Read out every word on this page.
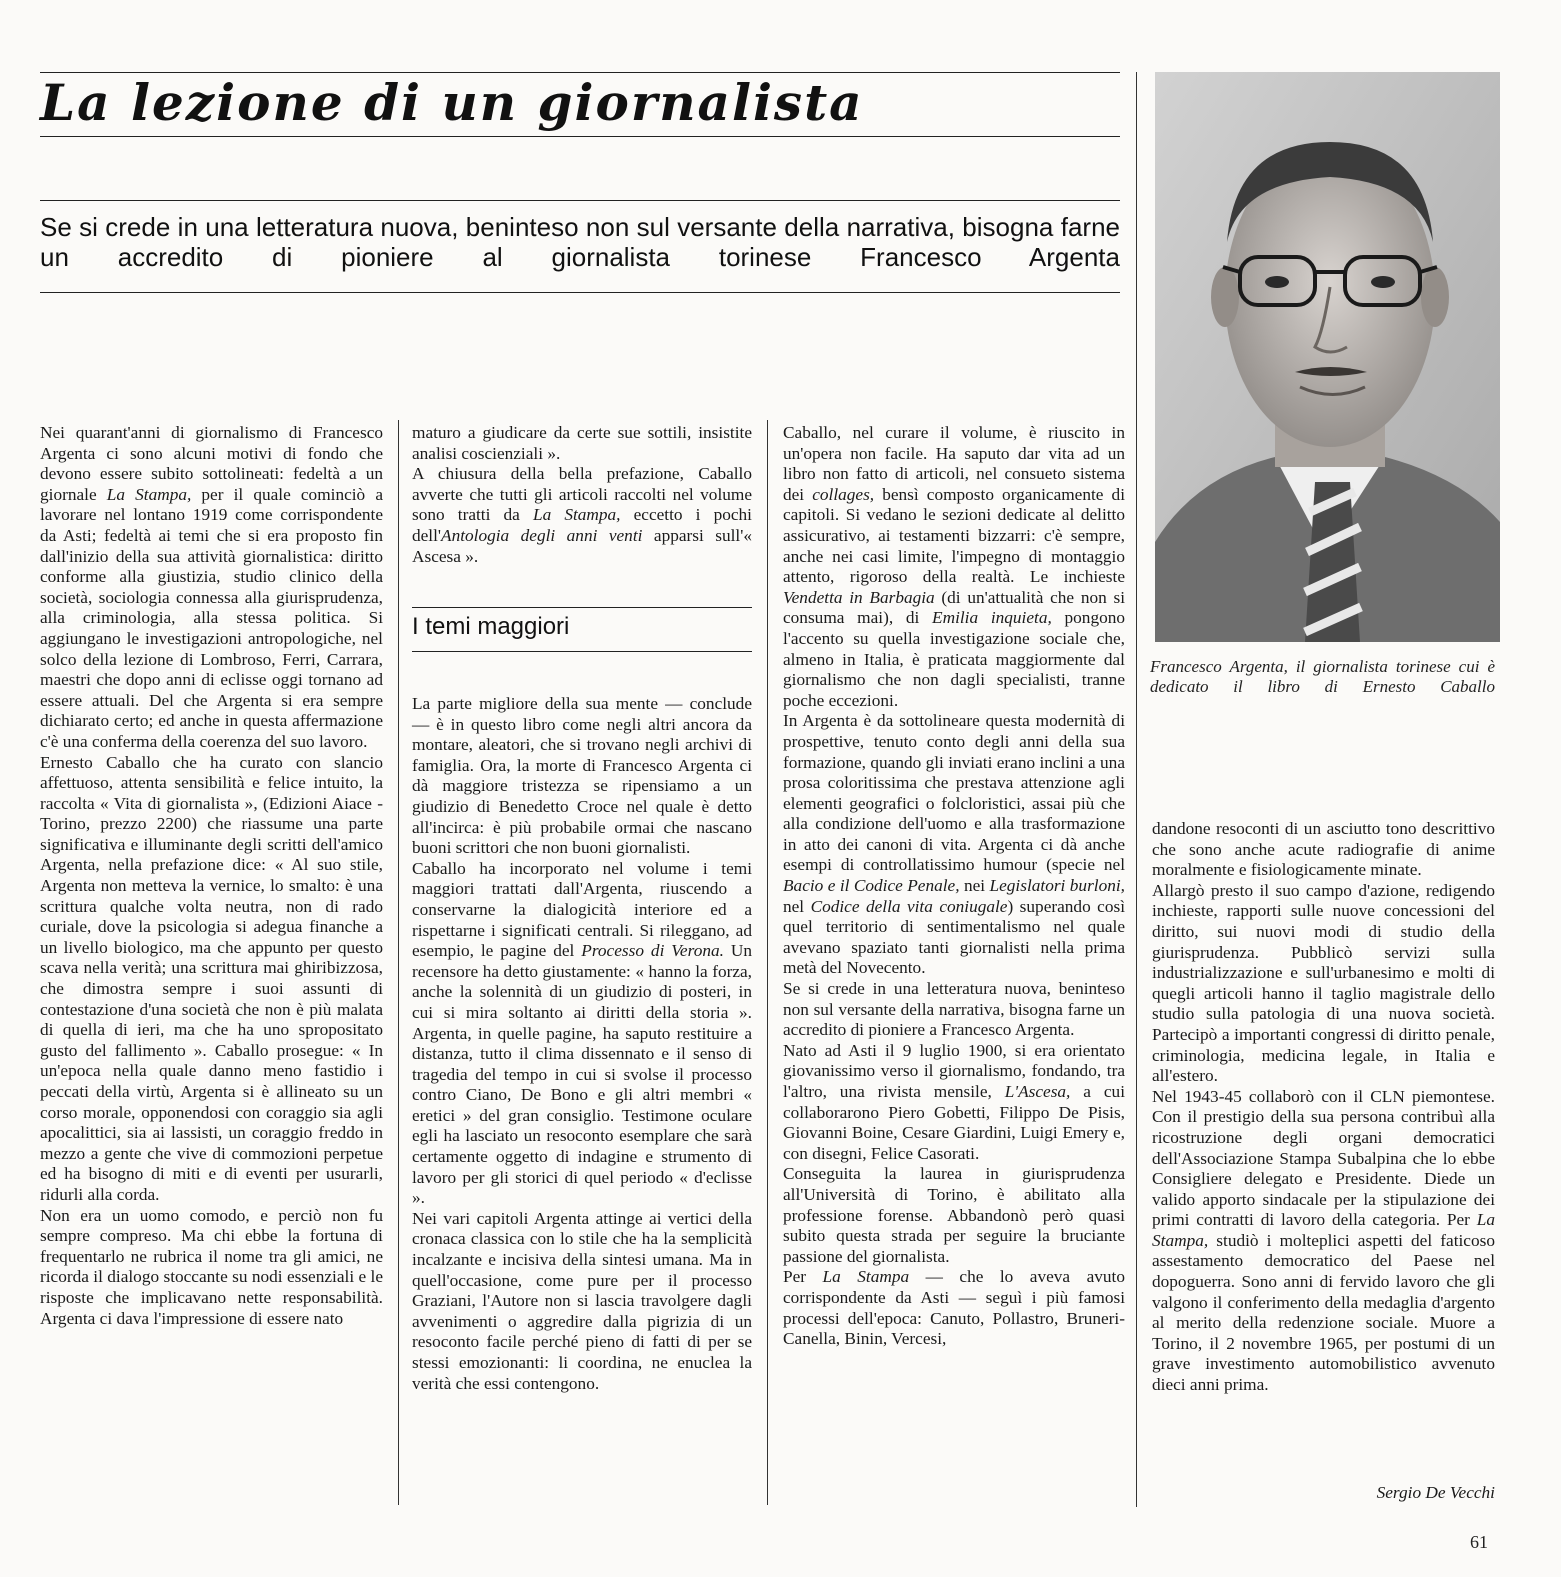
La lezione di un giornalista
Se si crede in una letteratura nuova, beninteso non sul versante della narrativa, bisogna farne un accredito di pioniere al giornalista torinese Francesco Argenta
Francesco Argenta, il giornalista torinese cui è dedicato il libro di Ernesto Caballo

Nei quarant'anni di giornalismo di Francesco Argenta ci sono alcuni motivi di fondo che devono essere subito sottolineati: fedeltà a un giornale La Stampa, per il quale cominciò a lavorare nel lontano 1919 come corrispondente da Asti; fedeltà ai temi che si era proposto fin dall'inizio della sua attività giornalistica: diritto conforme alla giustizia, studio clinico della società, sociologia connessa alla giurisprudenza, alla criminologia, alla stessa politica. Si aggiungano le investigazioni antropologiche, nel solco della lezione di Lombroso, Ferri, Carrara, maestri che dopo anni di eclisse oggi tornano ad essere attuali. Del che Argenta si era sempre dichiarato certo; ed anche in questa affermazione c'è una conferma della coerenza del suo lavoro.

Ernesto Caballo che ha curato con slancio affettuoso, attenta sensibilità e felice intuito, la raccolta « Vita di giornalista », (Edizioni Aiace - Torino, prezzo 2200) che riassume una parte significativa e illuminante degli scritti dell'amico Argenta, nella prefazione dice: « Al suo stile, Argenta non metteva la vernice, lo smalto: è una scrittura qualche volta neutra, non di rado curiale, dove la psicologia si adegua finanche a un livello biologico, ma che appunto per questo scava nella verità; una scrittura mai ghiribizzosa, che dimostra sempre i suoi assunti di contestazione d'una società che non è più malata di quella di ieri, ma che ha uno spropositato gusto del fallimento ». Caballo prosegue: « In un'epoca nella quale danno meno fastidio i peccati della virtù, Argenta si è allineato su un corso morale, opponendosi con coraggio sia agli apocalittici, sia ai lassisti, un coraggio freddo in mezzo a gente che vive di commozioni perpetue ed ha bisogno di miti e di eventi per usurarli, ridurli alla corda.

Non era un uomo comodo, e perciò non fu sempre compreso. Ma chi ebbe la fortuna di frequentarlo ne rubrica il nome tra gli amici, ne ricorda il dialogo stoccante su nodi essenziali e le risposte che implicavano nette responsabilità. Argenta ci dava l'impressione di essere nato

maturo a giudicare da certe sue sottili, insistite analisi coscienziali ».

A chiusura della bella prefazione, Caballo avverte che tutti gli articoli raccolti nel volume sono tratti da La Stampa, eccetto i pochi dell'Antologia degli anni venti apparsi sull'« Ascesa ».

I temi maggiori

La parte migliore della sua mente — conclude — è in questo libro come negli altri ancora da montare, aleatori, che si trovano negli archivi di famiglia. Ora, la morte di Francesco Argenta ci dà maggiore tristezza se ripensiamo a un giudizio di Benedetto Croce nel quale è detto all'incirca: è più probabile ormai che nascano buoni scrittori che non buoni giornalisti.

Caballo ha incorporato nel volume i temi maggiori trattati dall'Argenta, riuscendo a conservarne la dialogicità interiore ed a rispettarne i significati centrali. Si rileggano, ad esempio, le pagine del Processo di Verona. Un recensore ha detto giustamente: « hanno la forza, anche la solennità di un giudizio di posteri, in cui si mira soltanto ai diritti della storia ». Argenta, in quelle pagine, ha saputo restituire a distanza, tutto il clima dissennato e il senso di tragedia del tempo in cui si svolse il processo contro Ciano, De Bono e gli altri membri « eretici » del gran consiglio. Testimone oculare egli ha lasciato un resoconto esemplare che sarà certamente oggetto di indagine e strumento di lavoro per gli storici di quel periodo « d'eclisse ».

Nei vari capitoli Argenta attinge ai vertici della cronaca classica con lo stile che ha la semplicità incalzante e incisiva della sintesi umana. Ma in quell'occasione, come pure per il processo Graziani, l'Autore non si lascia travolgere dagli avvenimenti o aggredire dalla pigrizia di un resoconto facile perché pieno di fatti di per se stessi emozionanti: li coordina, ne enuclea la verità che essi contengono.

Caballo, nel curare il volume, è riuscito in un'opera non facile. Ha saputo dar vita ad un libro non fatto di articoli, nel consueto sistema dei collages, bensì composto organicamente di capitoli. Si vedano le sezioni dedicate al delitto assicurativo, ai testamenti bizzarri: c'è sempre, anche nei casi limite, l'impegno di montaggio attento, rigoroso della realtà. Le inchieste Vendetta in Barbagia (di un'attualità che non si consuma mai), di Emilia inquieta, pongono l'accento su quella investigazione sociale che, almeno in Italia, è praticata maggiormente dal giornalismo che non dagli specialisti, tranne poche eccezioni.

In Argenta è da sottolineare questa modernità di prospettive, tenuto conto degli anni della sua formazione, quando gli inviati erano inclini a una prosa coloritissima che prestava attenzione agli elementi geografici o folcloristici, assai più che alla condizione dell'uomo e alla trasformazione in atto dei canoni di vita. Argenta ci dà anche esempi di controllatissimo humour (specie nel Bacio e il Codice Penale, nei Legislatori burloni, nel Codice della vita coniugale) superando così quel territorio di sentimentalismo nel quale avevano spaziato tanti giornalisti nella prima metà del Novecento.

Se si crede in una letteratura nuova, beninteso non sul versante della narrativa, bisogna farne un accredito di pioniere a Francesco Argenta.

Nato ad Asti il 9 luglio 1900, si era orientato giovanissimo verso il giornalismo, fondando, tra l'altro, una rivista mensile, L'Ascesa, a cui collaborarono Piero Gobetti, Filippo De Pisis, Giovanni Boine, Cesare Giardini, Luigi Emery e, con disegni, Felice Casorati.

Conseguita la laurea in giurisprudenza all'Università di Torino, è abilitato alla professione forense. Abbandonò però quasi subito questa strada per seguire la bruciante passione del giornalista.

Per La Stampa — che lo aveva avuto corrispondente da Asti — seguì i più famosi processi dell'epoca: Canuto, Pollastro, Bruneri-Canella, Binin, Vercesi,

dandone resoconti di un asciutto tono descrittivo che sono anche acute radiografie di anime moralmente e fisiologicamente minate.

Allargò presto il suo campo d'azione, redigendo inchieste, rapporti sulle nuove concessioni del diritto, sui nuovi modi di studio della giurisprudenza. Pubblicò servizi sulla industrializzazione e sull'urbanesimo e molti di quegli articoli hanno il taglio magistrale dello studio sulla patologia di una nuova società. Partecipò a importanti congressi di diritto penale, criminologia, medicina legale, in Italia e all'estero.

Nel 1943-45 collaborò con il CLN piemontese. Con il prestigio della sua persona contribuì alla ricostruzione degli organi democratici dell'Associazione Stampa Subalpina che lo ebbe Consigliere delegato e Presidente. Diede un valido apporto sindacale per la stipulazione dei primi contratti di lavoro della categoria. Per La Stampa, studiò i molteplici aspetti del faticoso assestamento democratico del Paese nel dopoguerra. Sono anni di fervido lavoro che gli valgono il conferimento della medaglia d'argento al merito della redenzione sociale. Muore a Torino, il 2 novembre 1965, per postumi di un grave investimento automobilistico avvenuto dieci anni prima.

Sergio De Vecchi
61
